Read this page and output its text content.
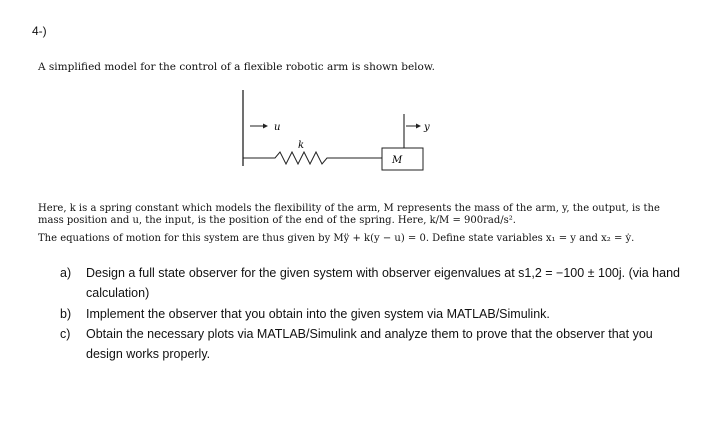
4-)
A simplified model for the control of a flexible robotic arm is shown below.
u
k
M
y
Here, k is a spring constant which models the flexibility of the arm, M represents the mass of the arm, y, the output, is the
mass position and u, the input, is the position of the end of the spring. Here, k/M = 900rad/s².
The equations of motion for this system are thus given by Mÿ + k(y − u) = 0. Define state variables x₁ = y and x₂ = ẏ.
a)	Design a full state observer for the given system with observer eigenvalues at s1,2 = −100 ± 100j. (via hand calculation)
b)	Implement the observer that you obtain into the given system via MATLAB/Simulink.
c)	Obtain the necessary plots via MATLAB/Simulink and analyze them to prove that the observer that you design works properly.
